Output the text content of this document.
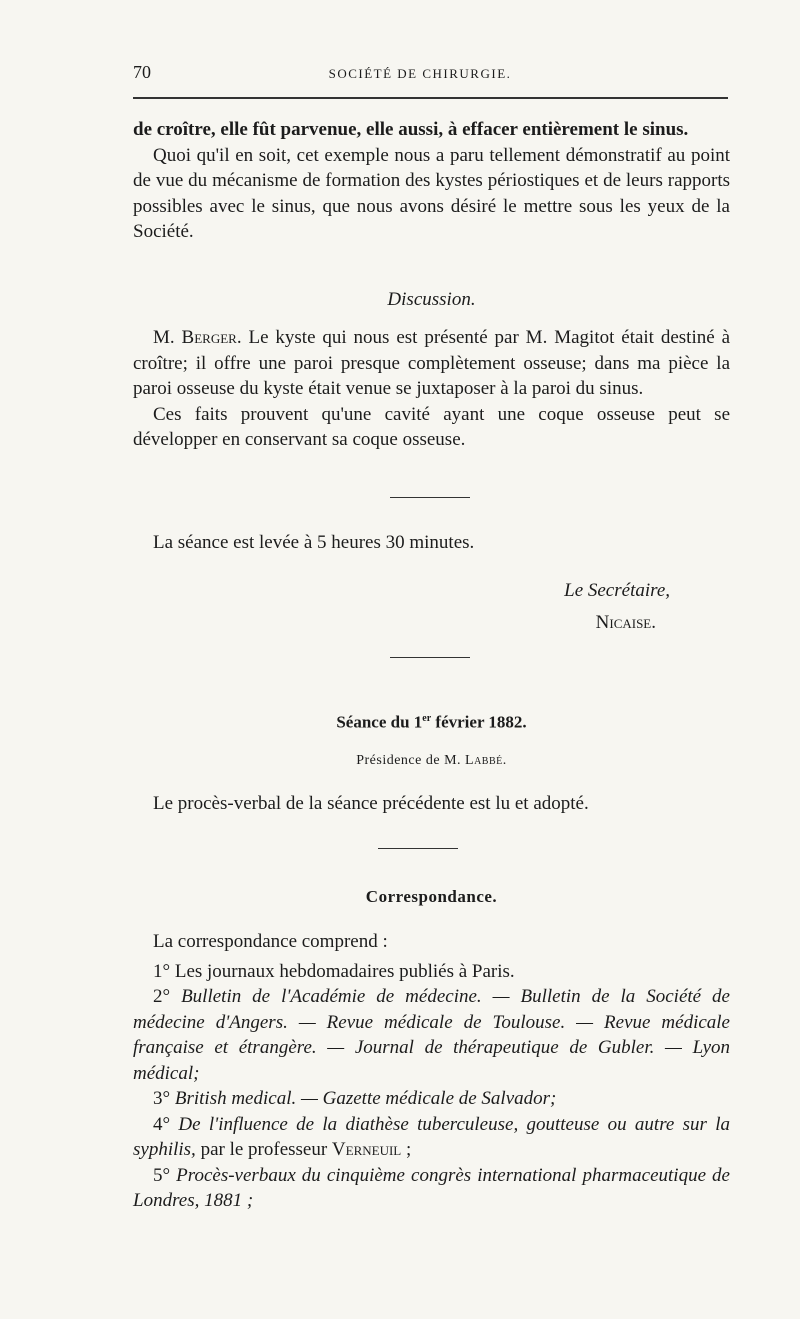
70	SOCIÉTÉ DE CHIRURGIE.

de croître, elle fût parvenue, elle aussi, à effacer entièrement le sinus.

Quoi qu'il en soit, cet exemple nous a paru tellement démonstratif au point de vue du mécanisme de formation des kystes périostiques et de leurs rapports possibles avec le sinus, que nous avons désiré le mettre sous les yeux de la Société.

Discussion.

M. Berger. Le kyste qui nous est présenté par M. Magitot était destiné à croître; il offre une paroi presque complètement osseuse; dans ma pièce la paroi osseuse du kyste était venue se juxtaposer à la paroi du sinus.

Ces faits prouvent qu'une cavité ayant une coque osseuse peut se développer en conservant sa coque osseuse.

La séance est levée à 5 heures 30 minutes.

Le Secrétaire,
Nicaise.
Séance du 1er février 1882.
Présidence de M. Labbé.

Le procès-verbal de la séance précédente est lu et adopté.

Correspondance.

La correspondance comprend :

1° Les journaux hebdomadaires publiés à Paris.

2° Bulletin de l'Académie de médecine. — Bulletin de la Société de médecine d'Angers. — Revue médicale de Toulouse. — Revue médicale française et étrangère. — Journal de thérapeutique de Gubler. — Lyon médical;

3° British medical. — Gazette médicale de Salvador;

4° De l'influence de la diathèse tuberculeuse, goutteuse ou autre sur la syphilis, par le professeur Verneuil ;

5° Procès-verbaux du cinquième congrès international pharmaceutique de Londres, 1881 ;
